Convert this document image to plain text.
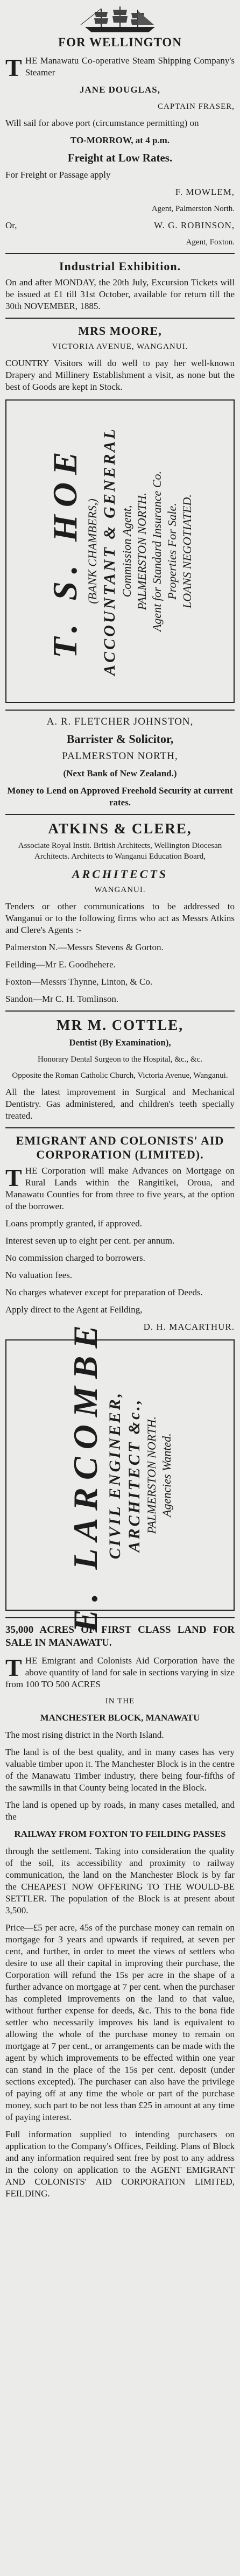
FOR WELLINGTON

THE Manawatu Co-operative Steam Shipping Company's Steamer

JANE DOUGLAS,

CAPTAIN FRASER,

Will sail for above port (circumstance permitting) on

TO-MORROW, at 4 p.m.

Freight at Low Rates.

For Freight or Passage apply

F. MOWLEM,

Agent, Palmerston North.

Or,	W. G. ROBINSON,

Agent, Foxton.

Industrial Exhibition.

On and after MONDAY, the 20th July, Excursion Tickets will be issued at £1 till 31st October, available for return till the 30th NOVEMBER, 1885.

MRS MOORE,

VICTORIA AVENUE, WANGANUI.

COUNTRY Visitors will do well to pay her well-known Drapery and Millinery Establishment a visit, as none but the best of Goods are kept in Stock.

T. S. HOE (BANK CHAMBERS,) ACCOUNTANT & GENERAL Commission Agent, PALMERSTON NORTH. Agent for Standard Insurance Co. Properties For Sale. LOANS NEGOTIATED.

A. R. FLETCHER JOHNSTON,

Barrister & Solicitor,

PALMERSTON NORTH,

(Next Bank of New Zealand.)

Money to Lend on Approved Freehold Security at current rates.

ATKINS & CLERE,

Associate Royal Instit. British Architects, Wellington Diocesan Architects. Architects to Wanganui Education Board,

ARCHITECTS

WANGANUI.

Tenders or other communications to be addressed to Wanganui or to the following firms who act as Messrs Atkins and Clere's Agents :-

Palmerston N.—Messrs Stevens & Gorton.

Feilding—Mr E. Goodhehere.

Foxton—Messrs Thynne, Linton, & Co.

Sandon—Mr C. H. Tomlinson.

MR M. COTTLE,

Dentist (By Examination),

Honorary Dental Surgeon to the Hospital, &c., &c.

Opposite the Roman Catholic Church, Victoria Avenue, Wanganui.

All the latest improvement in Surgical and Mechanical Dentistry. Gas administered, and children's teeth specially treated.

EMIGRANT AND COLONISTS' AID CORPORATION (LIMITED).

THE Corporation will make Advances on Mortgage on Rural Lands within the Rangitikei, Oroua, and Manawatu Counties for from three to five years, at the option of the borrower.

Loans promptly granted, if approved.

Interest seven up to eight per cent. per annum.

No commission charged to borrowers.

No valuation fees.

No charges whatever except for preparation of Deeds.

Apply direct to the Agent at Feilding,

D. H. MACARTHUR.

E. LARCOMBE CIVIL ENGINEER, ARCHITECT &c., PALMERSTON NORTH. Agencies Wanted.

35,000 ACRES OF FIRST CLASS LAND FOR SALE IN MANAWATU.

THE Emigrant and Colonists Aid Corporation have the above quantity of land for sale in sections varying in size from 100 TO 500 ACRES

IN THE

MANCHESTER BLOCK, MANAWATU

The most rising district in the North Island.

The land is of the best quality, and in many cases has very valuable timber upon it. The Manchester Block is in the centre of the Manawatu Timber industry, there being four-fifths of the sawmills in that County being located in the Block.

The land is opened up by roads, in many cases metalled, and the

RAILWAY FROM FOXTON TO FEILDING PASSES

through the settlement. Taking into consideration the quality of the soil, its accessibility and proximity to railway communication, the land on the Manchester Block is by far the CHEAPEST NOW OFFERING TO THE WOULD-BE SETTLER. The population of the Block is at present about 3,500.

Price—£5 per acre, 45s of the purchase money can remain on mortgage for 3 years and upwards if required, at seven per cent, and further, in order to meet the views of settlers who desire to use all their capital in improving their purchase, the Corporation will refund the 15s per acre in the shape of a further advance on mortgage at 7 per cent. when the purchaser has completed improvements on the land to that value, without further expense for deeds, &c. This to the bona fide settler who necessarily improves his land is equivalent to allowing the whole of the purchase money to remain on mortgage at 7 per cent., or arrangements can be made with the agent by which improvements to be effected within one year can stand in the place of the 15s per cent. deposit (under sections excepted). The purchaser can also have the privilege of paying off at any time the whole or part of the purchase money, such part to be not less than £25 in amount at any time of paying interest.

Full information supplied to intending purchasers on application to the Company's Offices, Feilding. Plans of Block and any information required sent free by post to any address in the colony on application to the AGENT EMIGRANT AND COLONISTS' AID CORPORATION LIMITED, FEILDING.
